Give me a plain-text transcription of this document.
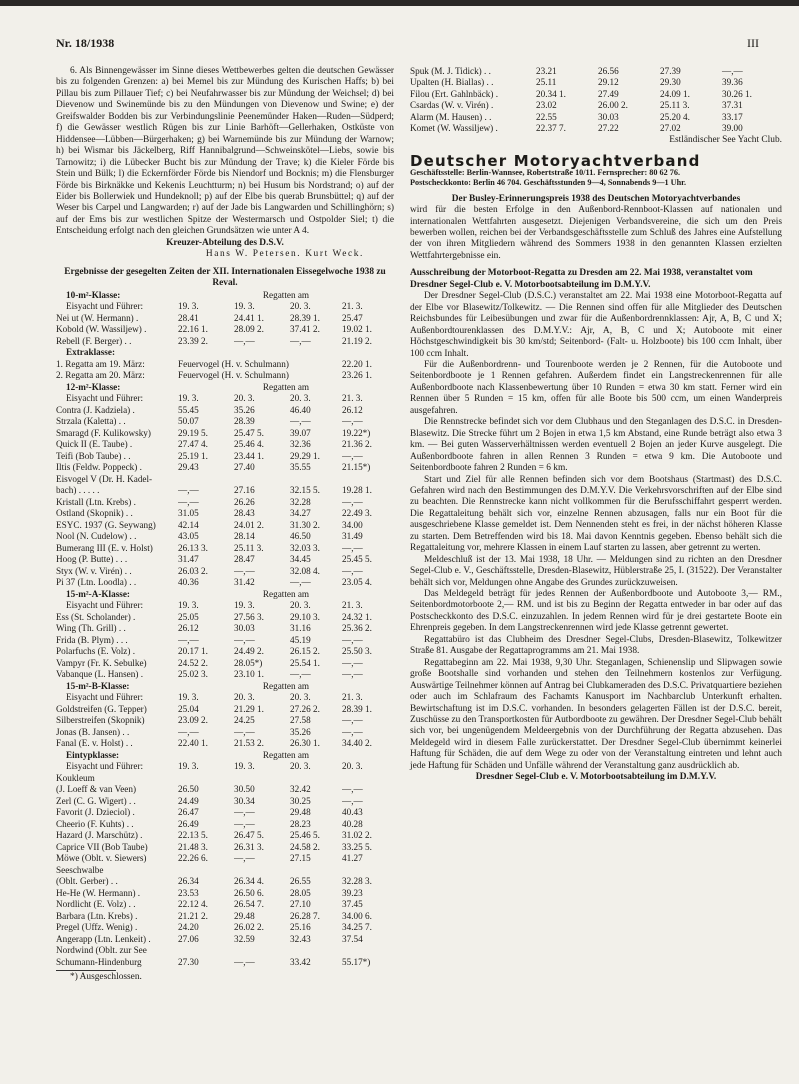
Nr. 18/1938	III

6. Als Binnengewässer im Sinne dieses Wettbewerbes gelten die deutschen Gewässer bis zu folgenden Grenzen: a) bei Memel bis zur Mündung des Kurischen Haffs; b) bei Pillau bis zum Pillauer Tief; c) bei Neufahrwasser bis zur Mündung der Weichsel; d) bei Dievenow und Swinemünde bis zu den Mündungen von Dievenow und Swine; e) der Greifswalder Bodden bis zur Verbindungslinie Peenemünder Haken—Ruden—Südperd; f) die Gewässer westlich Rügen bis zur Linie Barhöft—Gellerhaken, Ostküste von Hiddensee—Lübben—Bürgerhaken; g) bei Warnemünde bis zur Mündung der Warnow; h) bei Wismar bis Jäckelberg, Riff Hannibalgrund—Schweinskötel—Liebs, sowie bis Tarnowitz; i) die Lübecker Bucht bis zur Mündung der Trave; k) die Kieler Förde bis Stein und Bülk; l) die Eckernförder Förde bis Niendorf und Bocknis; m) die Flensburger Förde bis Birknäkke und Kekenis Leuchtturm; n) bei Husum bis Nordstrand; o) auf der Eider bis Bollerwiek und Hundeknoll; p) auf der Elbe bis querab Brunsbüttel; q) auf der Weser bis Carpel und Langwarden; r) auf der Jade bis Langwarden und Schillinghörn; s) auf der Ems bis zur westlichen Spitze der Westermarsch und Ostpolder Siel; t) die Entscheidung erfolgt nach den gleichen Grundsätzen wie unter A 4.

Kreuzer-Abteilung des D.S.V.

Hans W. Petersen. Kurt Weck.

Ergebnisse der gesegelten Zeiten der XII. Internationalen Eissegelwoche 1938 zu Reval.

10-m²-Klasse:	Regatten am			
Eisyacht und Führer:	19. 3.	19. 3.	20. 3.	21. 3.
Nei ut (W. Hermann) .	28.41	24.41 1.	28.39 1.	25.47
Kobold (W. Wassiljew) .	22.16 1.	28.09 2.	37.41 2.	19.02 1.
Rebell (F. Berger) . .	23.39 2.	—,—	—,—	21.19 2.
Extraklasse:				
1. Regatta am 19. März:	Feuervogel (H. v. Schulmann)			22.20 1.
2. Regatta am 20. März:	Feuervogel (H. v. Schulmann)			23.26 1.
12-m²-Klasse:	Regatten am			
Eisyacht und Führer:	19. 3.	20. 3.	20. 3.	21. 3.
Contra (J. Kadziela) .	55.45	35.26	46.40	26.12
Strzala (Kaletta) . .	50.07	28.39	—,—	—,—
Smaragd (F. Kulikowsky)	29.19 5.	25.47 5.	39.07	19.22*)
Quick II (E. Taube) .	27.47 4.	25.46 4.	32.36	21.36 2.
Teifi (Bob Taube) . .	25.19 1.	23.44 1.	29.29 1.	—,—
Iltis (Feldw. Poppeck) .	29.43	27.40	35.55	21.15*)
Eisvogel V (Dr. H. Kadel-				
bach) . . . . .	—,—	27.16	32.15 5.	19.28 1.
Kristall (Ltn. Krebs) .	—,—	26.26	32.28	—,—
Ostland (Skopnik) . .	31.05	28.43	34.27	22.49 3.
ESYC. 1937 (G. Seywang)	42.14	24.01 2.	31.30 2.	34.00
Nool (N. Cudelow) . .	43.05	28.14	46.50	31.49
Bumerang III (E. v. Holst)	26.13 3.	25.11 3.	32.03 3.	—,—
Hoog (P. Butte) . . .	31.47	28.47	34.45	25.45 5.
Styx (W. v. Virén) . .	26.03 2.	—,—	32.08 4.	—,—
Pi 37 (Ltn. Loodla) . .	40.36	31.42	—,—	23.05 4.
15-m²-A-Klasse:	Regatten am			
Eisyacht und Führer:	19. 3.	19. 3.	20. 3.	21. 3.
Ess (St. Scholander) .	25.05	27.56 3.	29.10 3.	24.32 1.
Wing (Th. Grill) . .	26.12	30.03	31.16	25.36 2.
Frida (B. Plym) . . .	—,—	—,—	45.19	—,—
Polarfuchs (E. Volz) .	20.17 1.	24.49 2.	26.15 2.	25.50 3.
Vampyr (Fr. K. Sebulke)	24.52 2.	28.05*)	25.54 1.	—,—
Vabanque (L. Hansen) .	25.02 3.	23.10 1.	—,—	—,—
15-m²-B-Klasse:	Regatten am			
Eisyacht und Führer:	19. 3.	20. 3.	20. 3.	21. 3.
Goldstreifen (G. Tepper)	25.04	21.29 1.	27.26 2.	28.39 1.
Silberstreifen (Skopnik)	23.09 2.	24.25	27.58	—,—
Jonas (B. Jansen) . .	—,—	—,—	35.26	—,—
Fanal (E. v. Holst) . .	22.40 1.	21.53 2.	26.30 1.	34.40 2.
Eintypklasse:	Regatten am			
Eisyacht und Führer:	19. 3.	19. 3.	20. 3.	20. 3.
Koukleum				
(J. Loeff & van Veen)	26.50	30.50	32.42	—,—
Zerl (C. G. Wigert) . .	24.49	30.34	30.25	—,—
Favorit (J. Dzieciol) .	26.47	—,—	29.48	40.43
Cheerio (F. Kuhts) . .	26.49	—,—	28.23	40.28
Hazard (J. Marschütz) .	22.13 5.	26.47 5.	25.46 5.	31.02 2.
Caprice VII (Bob Taube)	21.48 3.	26.31 3.	24.58 2.	33.25 5.
Möwe (Oblt. v. Siewers)	22.26 6.	—,—	27.15	41.27
Seeschwalbe				
(Oblt. Gerber) . .	26.34	26.34 4.	26.55	32.28 3.
He-He (W. Hermann) .	23.53	26.50 6.	28.05	39.23
Nordlicht (E. Volz) . .	22.12 4.	26.54 7.	27.10	37.45
Barbara (Ltn. Krebs) .	21.21 2.	29.48	26.28 7.	34.00 6.
Pregel (Uffz. Wenig) .	24.20	26.02 2.	25.16	34.25 7.
Angerapp (Ltn. Lenkeit) .	27.06	32.59	32.43	37.54
Nordwind (Oblt. zur See				
Schumann-Hindenburg	27.30	—,—	33.42	55.17*)

*) Ausgeschlossen.

Spuk (M. J. Tidick) . .	23.21	26.56	27.39	—,—
Upalten (H. Biallas) . .	25.11	29.12	29.30	39.36
Filou (Ert. Gahlnbäck) .	20.34 1.	27.49	24.09 1.	30.26 1.
Csardas (W. v. Virén) .	23.02	26.00 2.	25.11 3.	37.31
Alarm (M. Hausen) . .	22.55	30.03	25.20 4.	33.17
Komet (W. Wassiljew) .	22.37 7.	27.22	27.02	39.00

Estländischer See Yacht Club.

Deutscher Motoryachtverband

Geschäftsstelle: Berlin-Wannsee, Robertstraße 10/11. Fernsprecher: 80 62 76.

Postscheckkonto: Berlin 46 704. Geschäftsstunden 9—4, Sonnabends 9—1 Uhr.

Der Busley-Erinnerungspreis 1938 des Deutschen Motoryachtverbandes

wird für die besten Erfolge in den Außenbord-Rennboot-Klassen auf nationalen und internationalen Wettfahrten ausgesetzt. Diejenigen Verbandsvereine, die sich um den Preis bewerben wollen, reichen bei der Verbandsgeschäftsstelle zum Schluß des Jahres eine Aufstellung der von ihren Mitgliedern während des Sommers 1938 in den genannten Klassen erzielten Wettfahrtergebnisse ein.

Ausschreibung der Motorboot-Regatta zu Dresden am 22. Mai 1938, veranstaltet vom Dresdner Segel-Club e. V. Motorbootsabteilung im D.M.Y.V.

Der Dresdner Segel-Club (D.S.C.) veranstaltet am 22. Mai 1938 eine Motorboot-Regatta auf der Elbe vor Blasewitz/Tolkewitz. — Die Rennen sind offen für alle Mitglieder des Deutschen Reichsbundes für Leibesübungen und zwar für die Außenbordrennklassen: Ajr, A, B, C und X; Außenbordtourenklassen des D.M.Y.V.: Ajr, A, B, C und X; Autoboote mit einer Höchstgeschwindigkeit bis 30 km/std; Seitenbord- (Falt- u. Holzboote) bis 100 ccm Inhalt, über 100 ccm Inhalt.

Für die Außenbordrenn- und Tourenboote werden je 2 Rennen, für die Autoboote und Seitenbordboote je 1 Rennen gefahren. Außerdem findet ein Langstreckenrennen für alle Außenbordboote nach Klassenbewertung über 10 Runden = etwa 30 km statt. Ferner wird ein Rennen über 5 Runden = 15 km, offen für alle Boote bis 500 ccm, um einen Wanderpreis ausgefahren.

Die Rennstrecke befindet sich vor dem Clubhaus und den Steganlagen des D.S.C. in Dresden-Blasewitz. Die Strecke führt um 2 Bojen in etwa 1,5 km Abstand, eine Runde beträgt also etwa 3 km. — Bei guten Wasserverhältnissen werden eventuell 2 Bojen an jeder Kurve ausgelegt. Die Außenbordboote fahren in allen Rennen 3 Runden = etwa 9 km. Die Autoboote und Seitenbordboote fahren 2 Runden = 6 km.

Start und Ziel für alle Rennen befinden sich vor dem Bootshaus (Startmast) des D.S.C. Gefahren wird nach den Bestimmungen des D.M.Y.V. Die Verkehrsvorschriften auf der Elbe sind zu beachten. Die Rennstrecke kann nicht vollkommen für die Berufsschiffahrt gesperrt werden. Die Regattaleitung behält sich vor, einzelne Rennen abzusagen, falls nur ein Boot für die ausgeschriebene Klasse gemeldet ist. Dem Nennenden steht es frei, in der nächst höheren Klasse zu starten. Dem Betreffenden wird bis 18. Mai davon Kenntnis gegeben. Ebenso behält sich die Regattaleitung vor, mehrere Klassen in einem Lauf starten zu lassen, aber getrennt zu werten.

Meldeschluß ist der 13. Mai 1938, 18 Uhr. — Meldungen sind zu richten an den Dresdner Segel-Club e. V., Geschäftsstelle, Dresden-Blasewitz, Hüblerstraße 25, I. (31522). Der Veranstalter behält sich vor, Meldungen ohne Angabe des Grundes zurückzuweisen.

Das Meldegeld beträgt für jedes Rennen der Außenbordboote und Autoboote 3,— RM., Seitenbordmotorboote 2,— RM. und ist bis zu Beginn der Regatta entweder in bar oder auf das Postscheckkonto des D.S.C. einzuzahlen. In jedem Rennen wird für je drei gestartete Boote ein Ehrenpreis gegeben. In dem Langstreckenrennen wird jede Klasse getrennt gewertet.

Regattabüro ist das Clubheim des Dresdner Segel-Clubs, Dresden-Blasewitz, Tolkewitzer Straße 81. Ausgabe der Regattaprogramms am 21. Mai 1938.

Regattabeginn am 22. Mai 1938, 9,30 Uhr. Steganlagen, Schienenslip und Slipwagen sowie große Bootshalle sind vorhanden und stehen den Teilnehmern kostenlos zur Verfügung. Auswärtige Teilnehmer können auf Antrag bei Clubkameraden des D.S.C. Privatquartiere beziehen oder auch im Schlafraum des Fachamts Kanusport im Nachbarclub Unterkunft erhalten. Bewirtschaftung ist im D.S.C. vorhanden. In besonders gelagerten Fällen ist der D.S.C. bereit, Zuschüsse zu den Transportkosten für Autbordboote zu gewähren. Der Dresdner Segel-Club behält sich vor, bei ungenügendem Meldeergebnis von der Durchführung der Regatta abzusehen. Das Meldegeld wird in diesem Falle zurückerstattet. Der Dresdner Segel-Club übernimmt keinerlei Haftung für Schäden, die auf dem Wege zu oder von der Veranstaltung eintreten und lehnt auch jede Haftung für Schäden und Unfälle während der Veranstaltung ganz ausdrücklich ab.

Dresdner Segel-Club e. V. Motorbootsabteilung im D.M.Y.V.
